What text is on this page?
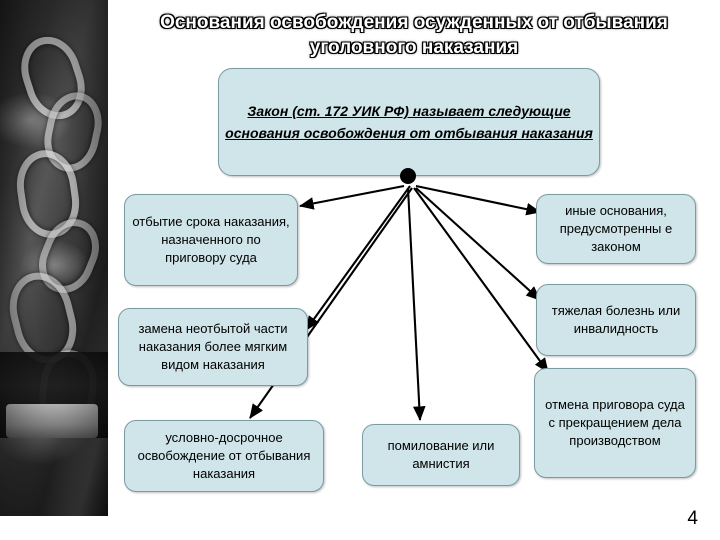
Основания освобождения осужденных от отбывания уголовного наказания
Закон (ст. 172 УИК РФ) называет следующие основания освобождения от отбывания наказания
отбытие срока наказания, назначенного по приговору суда
иные основания, предусмотренны е законом
тяжелая болезнь или инвалидность
замена неотбытой части наказания более мягким видом наказания
отмена приговора суда с прекращением дела производством
условно-досрочное освобождение от отбывания наказания
помилование или амнистия
4
